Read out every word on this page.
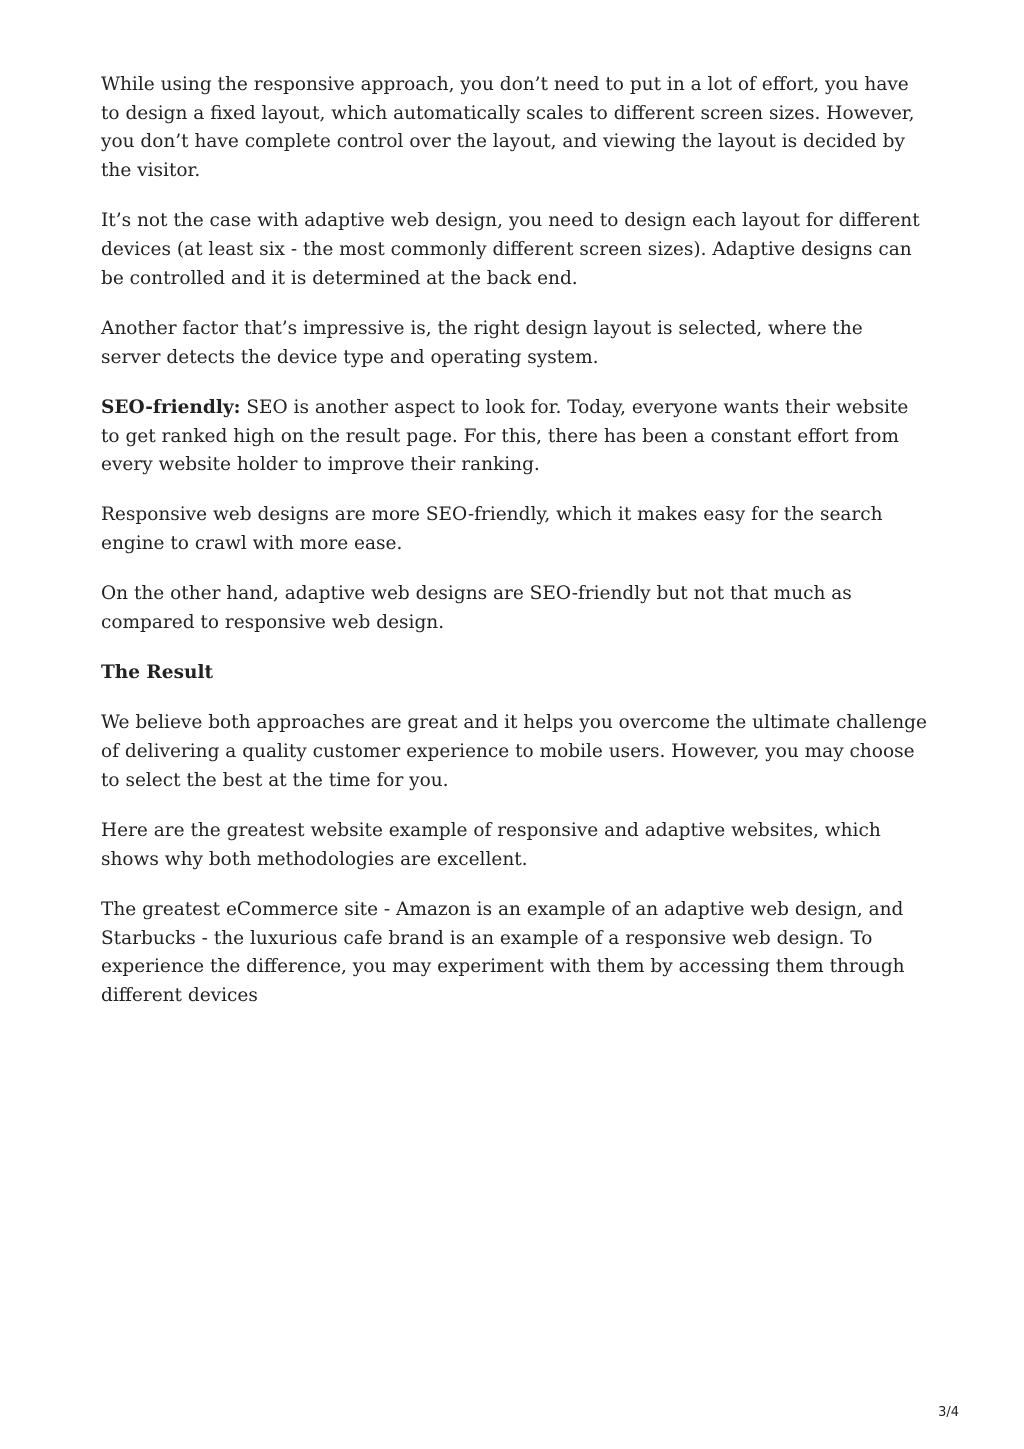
While using the responsive approach, you don’t need to put in a lot of effort, you have to design a fixed layout, which automatically scales to different screen sizes. However, you don’t have complete control over the layout, and viewing the layout is decided by the visitor.

It’s not the case with adaptive web design, you need to design each layout for different devices (at least six - the most commonly different screen sizes). Adaptive designs can be controlled and it is determined at the back end.

Another factor that’s impressive is, the right design layout is selected, where the server detects the device type and operating system.

SEO-friendly: SEO is another aspect to look for. Today, everyone wants their website to get ranked high on the result page. For this, there has been a constant effort from every website holder to improve their ranking.

Responsive web designs are more SEO-friendly, which it makes easy for the search engine to crawl with more ease.

On the other hand, adaptive web designs are SEO-friendly but not that much as compared to responsive web design.

The Result

We believe both approaches are great and it helps you overcome the ultimate challenge of delivering a quality customer experience to mobile users. However, you may choose to select the best at the time for you.

Here are the greatest website example of responsive and adaptive websites, which shows why both methodologies are excellent.

The greatest eCommerce site - Amazon is an example of an adaptive web design, and Starbucks - the luxurious cafe brand is an example of a responsive web design. To experience the difference, you may experiment with them by accessing them through different devices

3/4
